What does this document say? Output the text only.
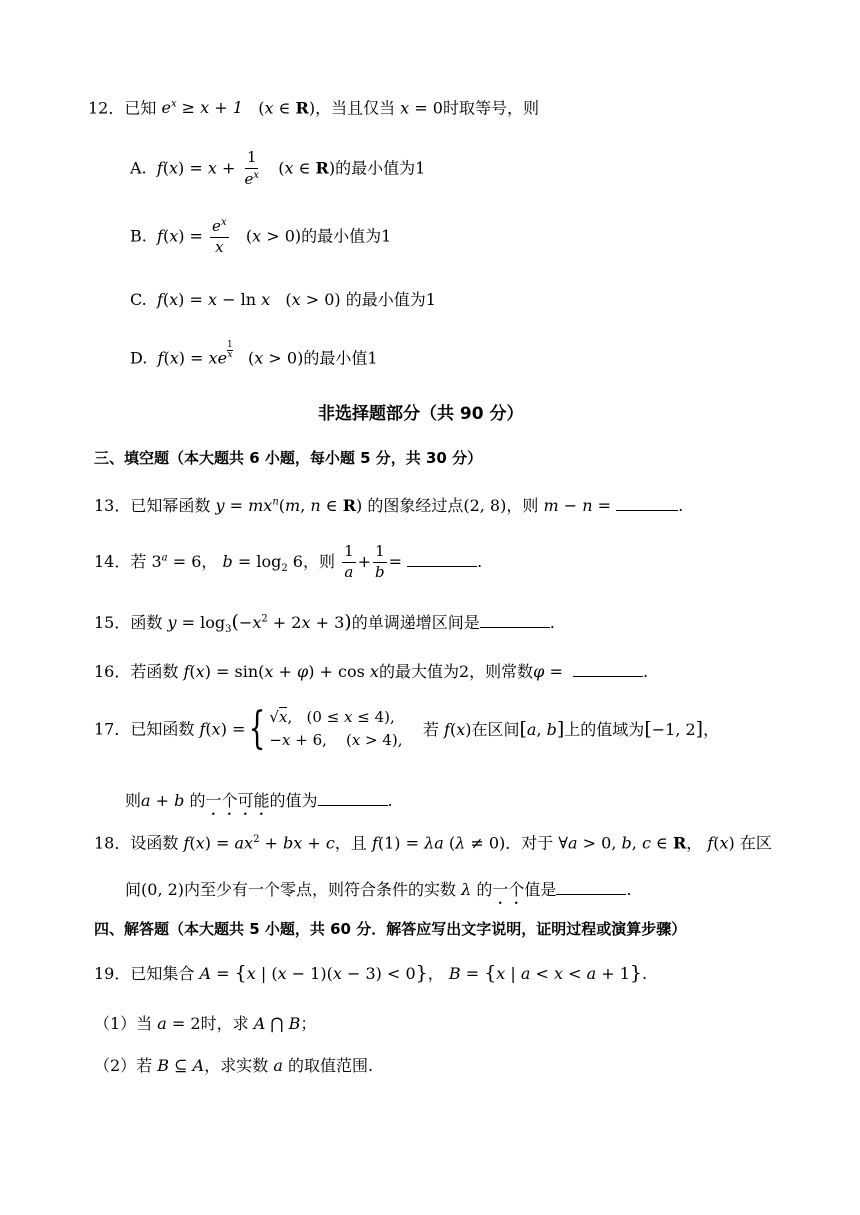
12．已知 $e^x \ge x + 1$ (x ∈ R)，当且仅当 x = 0时取等号，则
A. $f(x) = x + \frac{1}{e^x} (x$ ∈ R)的最小值为1
B. $f(x) = \frac{e^x}{x} (x > 0)$的最小值为1
C. f(x) = x − ln x   (x > 0) 的最小值为1
D. f(x) = xe $^{\frac{1}{x}}$ (x > 0)的最小值1
非选择题部分（共 90 分）
三、填空题（本大题共 6 小题，每小题 5 分，共 30 分）
13．已知幂函数 $y = mx^n(m$, n ∈ R) 的图象经过点(2, 8)，则 m − n =	.
14．若 $3^a = 6$， $b = \log_2 6$，则 $\frac{1}{a} + \frac{1}{b}$ =	.
15．函数 $y = \log_3(-x^2 + 2x + 3)$的单调递增区间是	.
16．若函数 f(x) = sin(x + φ) + cos x的最大值为2，则常数φ =	.
17．已知函数 f(x) ={ √x,   (0 ≤ x ≤ 4),
−x + 6,    (x > 4),
若 f(x)在区间[a, b]上的值域为[−1, 2]，
则a + b 的一个可能的值为	.
18．设函数 $f(x) = ax^2$ + bx + c，且 f(1) = λa (λ ≠ 0)．对于 ∀a > 0, b, c ∈ R， f(x) 在区
间(0, 2)内至少有一个零点，则符合条件的实数 λ 的一个值是	.
四、解答题（本大题共 5 小题，共 60 分．解答应写出文字说明，证明过程或演算步骤）
19．已知集合 A = {x | (x − 1)(x − 3) < 0}， B = {x | a < x < a + 1}.
（1）当 a = 2时，求 A ⋂ B；
（2）若 B ⊆ A，求实数 a 的取值范围.
